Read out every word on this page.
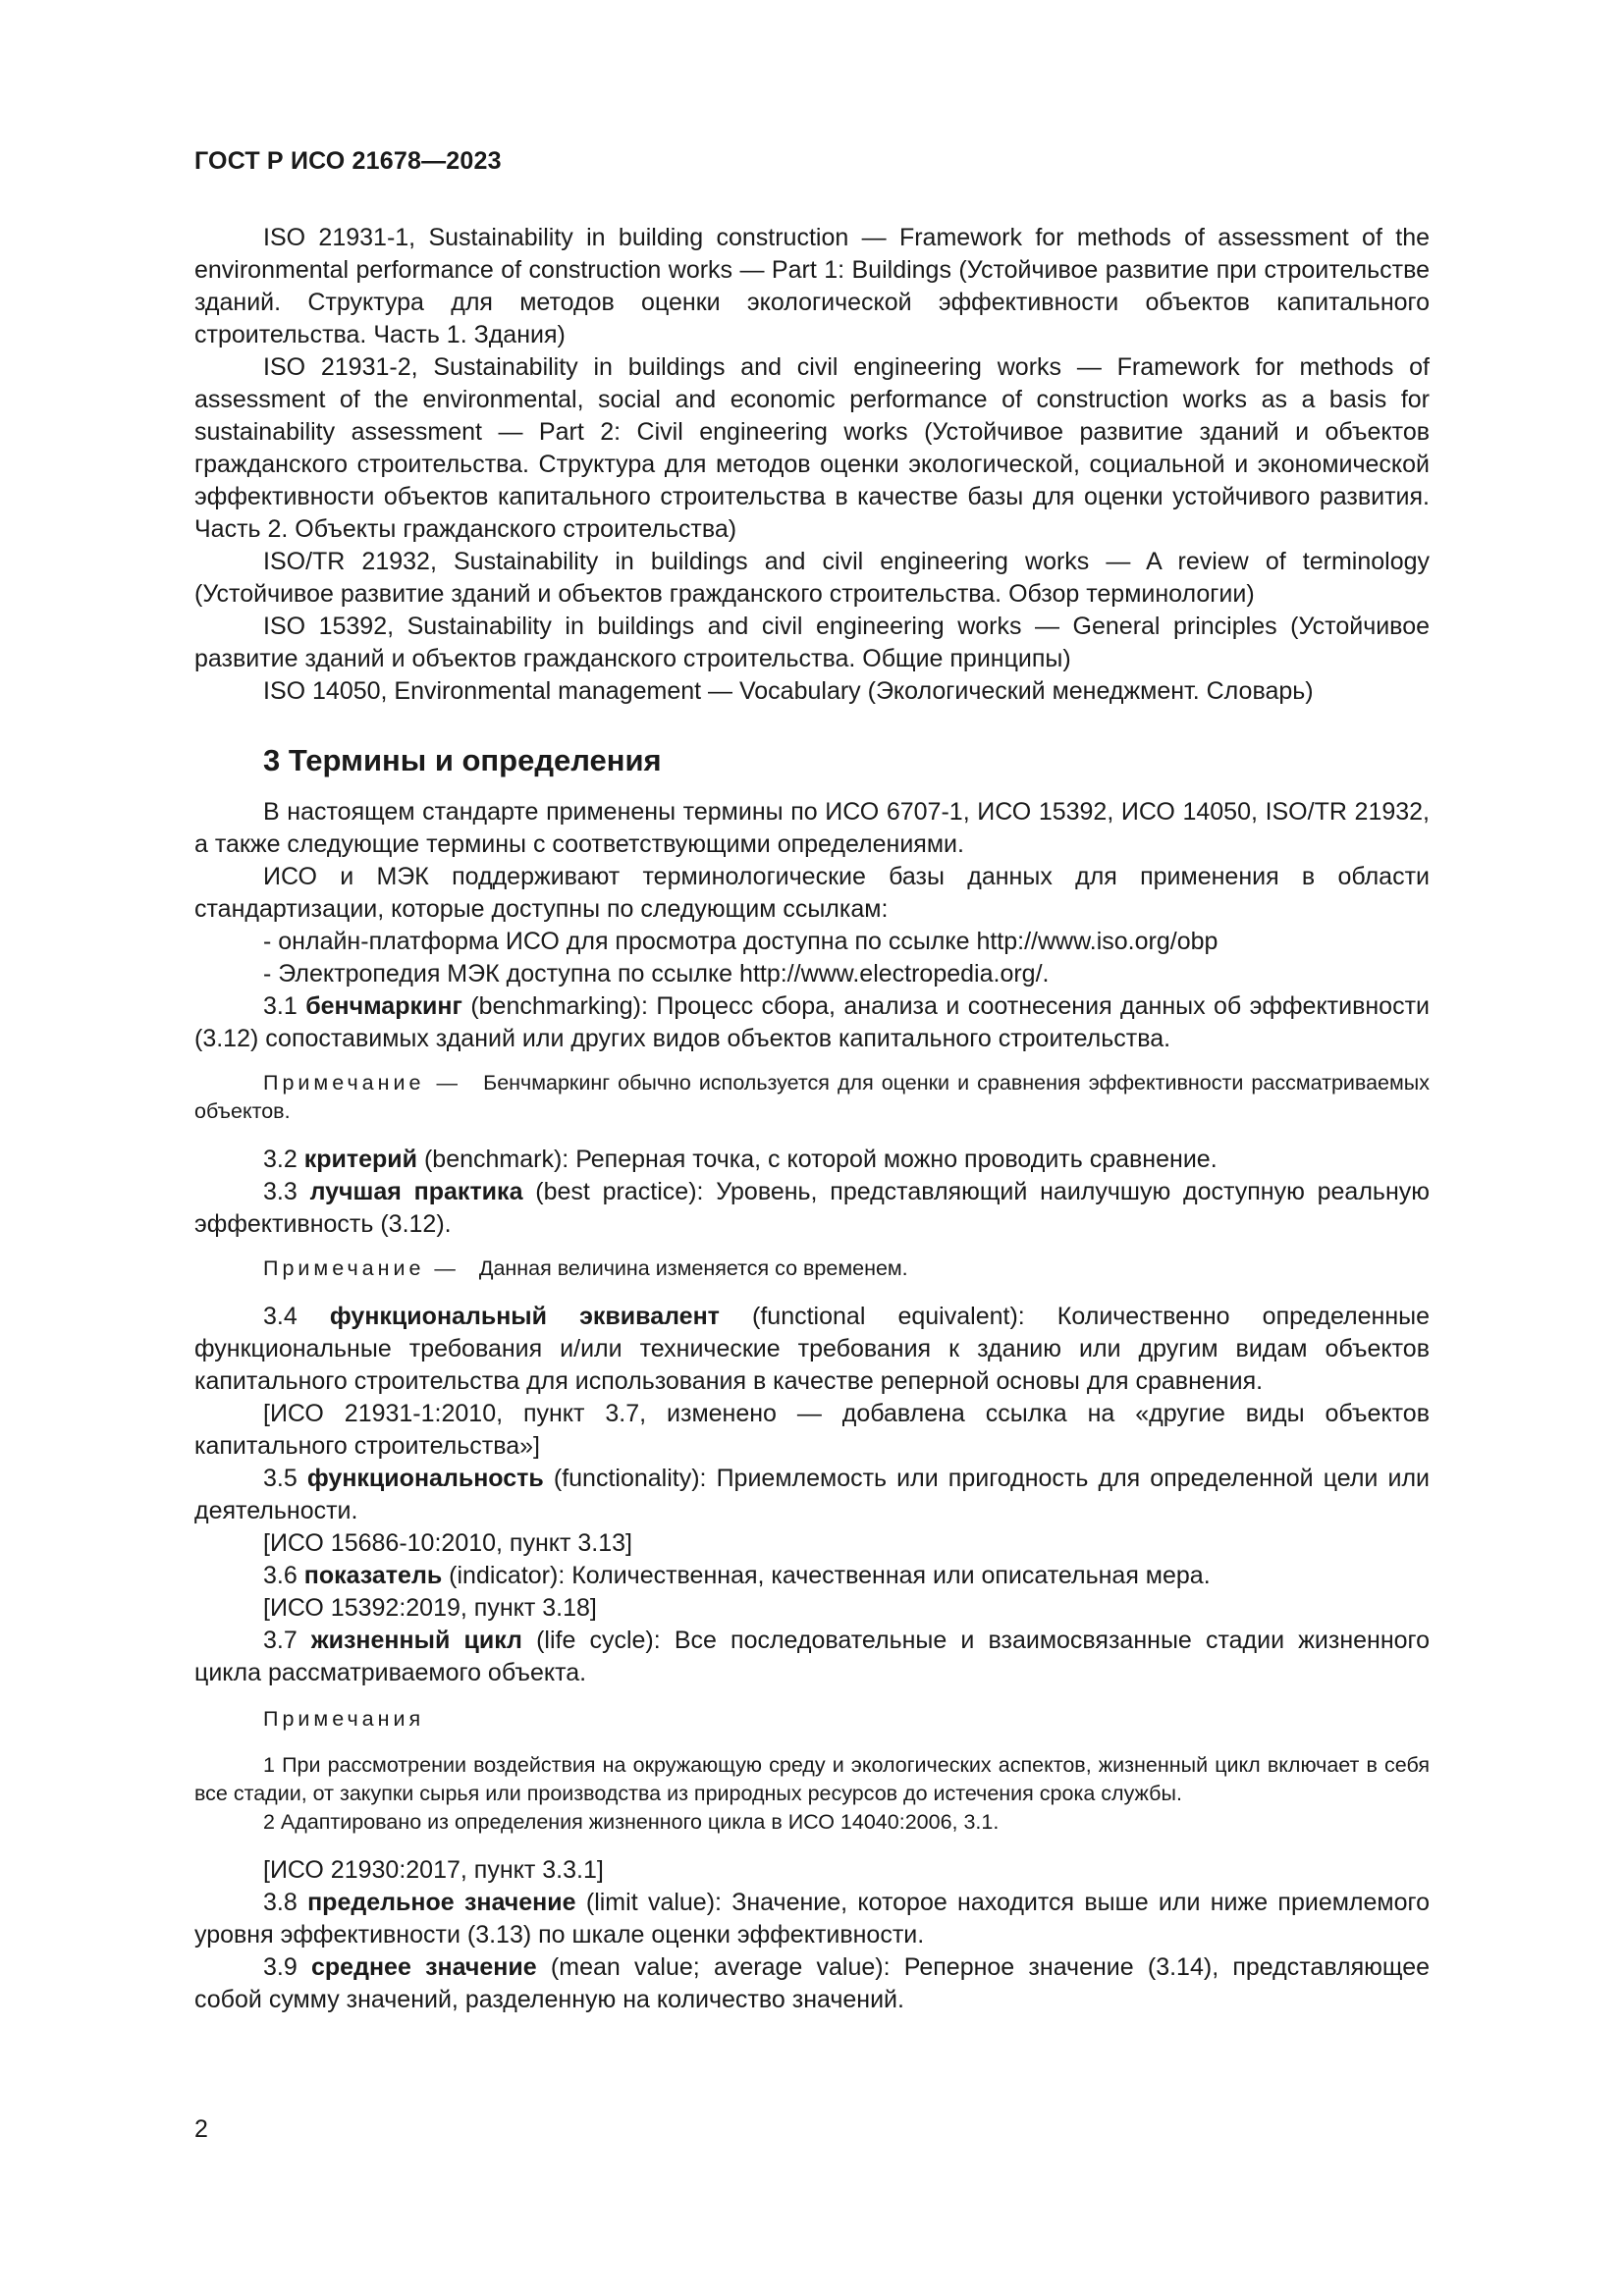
ГОСТ Р ИСО 21678—2023

ISO 21931-1, Sustainability in building construction — Framework for methods of assessment of the environmental performance of construction works — Part 1: Buildings (Устойчивое развитие при строительстве зданий. Структура для методов оценки экологической эффективности объектов капитального строительства. Часть 1. Здания)

ISO 21931-2, Sustainability in buildings and civil engineering works — Framework for methods of assessment of the environmental, social and economic performance of construction works as a basis for sustainability assessment — Part 2: Civil engineering works (Устойчивое развитие зданий и объектов гражданского строительства. Структура для методов оценки экологической, социальной и экономической эффективности объектов капитального строительства в качестве базы для оценки устойчивого развития. Часть 2. Объекты гражданского строительства)

ISO/TR 21932, Sustainability in buildings and civil engineering works — A review of terminology (Устойчивое развитие зданий и объектов гражданского строительства. Обзор терминологии)

ISO 15392, Sustainability in buildings and civil engineering works — General principles (Устойчивое развитие зданий и объектов гражданского строительства. Общие принципы)

ISO 14050, Environmental management — Vocabulary (Экологический менеджмент. Словарь)

3 Термины и определения

В настоящем стандарте применены термины по ИСО 6707-1, ИСО 15392, ИСО 14050, ISO/TR 21932, а также следующие термины с соответствующими определениями.

ИСО и МЭК поддерживают терминологические базы данных для применения в области стандартизации, которые доступны по следующим ссылкам:

- онлайн-платформа ИСО для просмотра доступна по ссылке http://www.iso.org/obp

- Электропедия МЭК доступна по ссылке http://www.electropedia.org/.

3.1 бенчмаркинг (benchmarking): Процесс сбора, анализа и соотнесения данных об эффективности (3.12) сопоставимых зданий или других видов объектов капитального строительства.

Примечание — Бенчмаркинг обычно используется для оценки и сравнения эффективности рассматриваемых объектов.

3.2 критерий (benchmark): Реперная точка, с которой можно проводить сравнение.

3.3 лучшая практика (best practice): Уровень, представляющий наилучшую доступную реальную эффективность (3.12).

Примечание — Данная величина изменяется со временем.

3.4 функциональный эквивалент (functional equivalent): Количественно определенные функциональные требования и/или технические требования к зданию или другим видам объектов капитального строительства для использования в качестве реперной основы для сравнения.

[ИСО 21931-1:2010, пункт 3.7, изменено — добавлена ссылка на «другие виды объектов капитального строительства»]

3.5 функциональность (functionality): Приемлемость или пригодность для определенной цели или деятельности.

[ИСО 15686-10:2010, пункт 3.13]

3.6 показатель (indicator): Количественная, качественная или описательная мера.

[ИСО 15392:2019, пункт 3.18]

3.7 жизненный цикл (life cycle): Все последовательные и взаимосвязанные стадии жизненного цикла рассматриваемого объекта.

Примечания

1 При рассмотрении воздействия на окружающую среду и экологических аспектов, жизненный цикл включает в себя все стадии, от закупки сырья или производства из природных ресурсов до истечения срока службы.

2 Адаптировано из определения жизненного цикла в ИСО 14040:2006, 3.1.

[ИСО 21930:2017, пункт 3.3.1]

3.8 предельное значение (limit value): Значение, которое находится выше или ниже приемлемого уровня эффективности (3.13) по шкале оценки эффективности.

3.9 среднее значение (mean value; average value): Реперное значение (3.14), представляющее собой сумму значений, разделенную на количество значений.

2
